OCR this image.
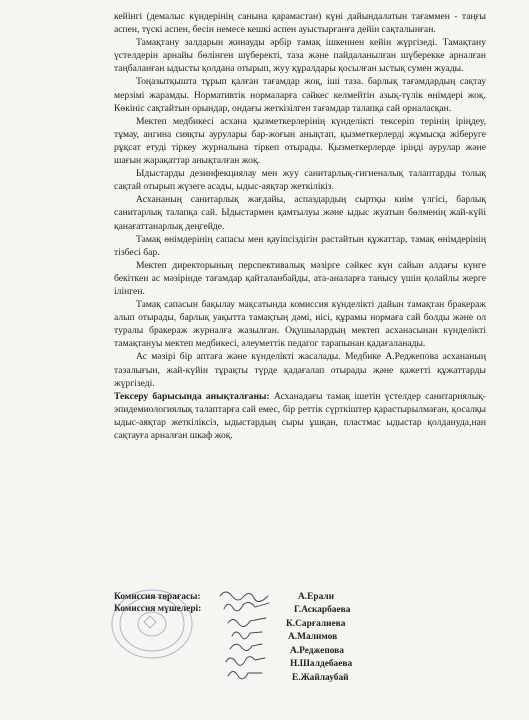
кейінгі (демалыс күндерінің санына қарамастан) күні дайындалатын тағаммен - таңғы аспен, түскі аспен, бесін немесе кешкі аспен ауыстырғанға дейін сақталынған.

Тамақтану залдарын жинауды әрбір тамақ ішкеннен кейін жүргізеді. Тамақтану үстелдерін арнайы бөлінген шүберекті, таза және пайдаланылған шүберекке арналған таңбаланған ыдысты қолдана отырып, жуу құралдары қосылған ыстық сумен жуады.

Тоңазытқышта тұрып қалған тағамдар жоқ, іші таза. барлық тағамдардың сақтау мерзімі жарамды. Нормативтік нормаларға сәйкес келмейтін азық-түлік өнімдері жоқ. Көкініс сақтайтын орындар, ондағы жеткізілген тағамдар талапқа сай орналасқан.

Мектеп медбикесі асхана қызметкерлерінің күнделікті тексеріп терінің іріңдеу, тұмау, ангина сияқты аурулары бар-жоғын анықтап, қызметкерлерді жұмысқа жіберуге рұқсат етуді тіркеу журналына тіркеп отырады. Қызметкерлерде іріңді аурулар және шағын жарақаттар анықталған жоқ.

Ыдыстарды дезинфекциялау мен жуу санитарлық-гигиеналық талаптарды толық сақтай отырып жүзеге асады, ыдыс-аяқтар жеткілікіз.

Асхананың санитарлық жағдайы, аспаздардың сыртқы киім үлгісі, барлық санитарлық талапқа сай. Ыдыстармен қамтылуы және ыдыс жуатын бөлменің жай-күйі қанағаттанарлық деңгейде.

Тамақ өнімдерінің сапасы мен қауіпсіздігін растайтын құжаттар, тамақ өнімдерінің тізбесі бар.

Мектеп директорының перспективалық мәзірге сәйкес күн сайын алдағы күнге бекіткен ас мәзірінде тағамдар қайталанбайды, ата-аналарға танысу үшін қолайлы жерге ілінген.

Тамақ сапасын бақылау мақсатында комиссия күнделікті дайын тамақтан бракераж алып отырады, барлық уақытта тамақтың дәмі, иісі, құрамы нормаға сай болды және ол туралы бракераж журналға жазылған. Оқушылардың мектеп асханасынан күнделікті тамақтануы мектеп медбикесі, әлеуметтік педагог тарапынан қадағаланады.

Ас мәзірі бір аптаға және күнделікті жасалады. Медбике А.Реджепова асхананың тазалығын, жай-күйін тұрақты түрде қадағалап отырады және қажетті құжаттарды жүргізеді.

Тексеру барысында анықталғаны: Асханадағы тамақ ішетін үстелдер санитариялық-эпидемиологиялық талаптарға сай емес, бір реттік сүрткіштер қарастырылмаған, қосалқы ыдыс-аяқтар жеткіліксіз, ыдыстардың сыры ұшқан, пластмас ыдыстар қолдануда,нан сақтауға арналған шкаф жоқ.

Комиссия төрағасы:
Комиссия мүшелері:
А.Ерали
Г.Аскарбаева
К.Сарғалиева
А.Малимов
А.Реджепова
Н.Шалдебаева
Е.Жайлаубай
